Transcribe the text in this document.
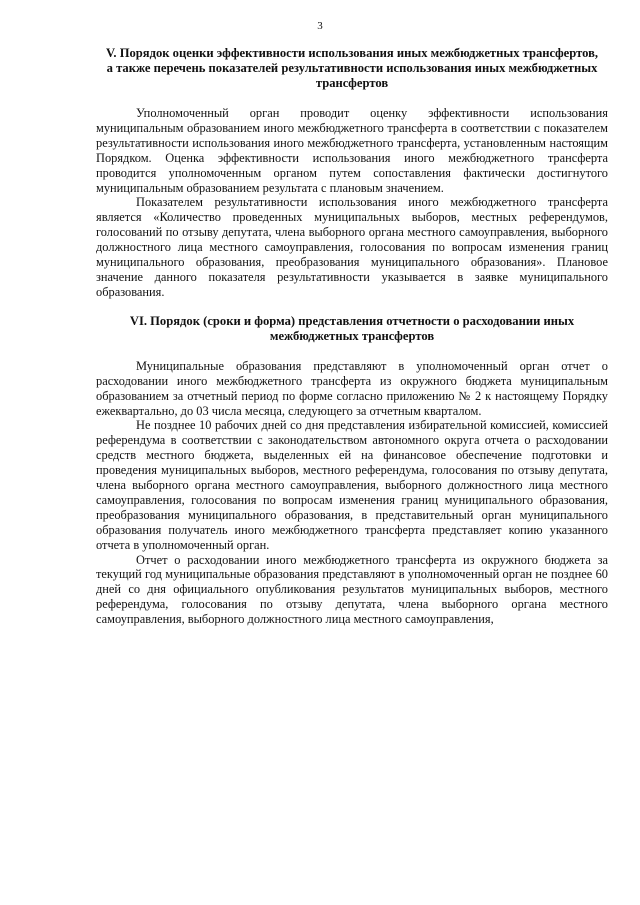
3
V. Порядок оценки эффективности использования иных межбюджетных трансфертов, а также перечень показателей результативности использования иных межбюджетных трансфертов

Уполномоченный орган проводит оценку эффективности использования муниципальным образованием иного межбюджетного трансферта в соответствии с показателем результативности использования иного межбюджетного трансферта, установленным настоящим Порядком. Оценка эффективности использования иного межбюджетного трансферта проводится уполномоченным органом путем сопоставления фактически достигнутого муниципальным образованием результата с плановым значением.

Показателем результативности использования иного межбюджетного трансферта является «Количество проведенных муниципальных выборов, местных референдумов, голосований по отзыву депутата, члена выборного органа местного самоуправления, выборного должностного лица местного самоуправления, голосования по вопросам изменения границ муниципального образования, преобразования муниципального образования». Плановое значение данного показателя результативности указывается в заявке муниципального образования.

VI. Порядок (сроки и форма) представления отчетности о расходовании иных межбюджетных трансфертов

Муниципальные образования представляют в уполномоченный орган отчет о расходовании иного межбюджетного трансферта из окружного бюджета муниципальным образованием за отчетный период по форме согласно приложению № 2 к настоящему Порядку ежеквартально, до 03 числа месяца, следующего за отчетным кварталом.

Не позднее 10 рабочих дней со дня представления избирательной комиссией, комиссией референдума в соответствии с законодательством автономного округа отчета о расходовании средств местного бюджета, выделенных ей на финансовое обеспечение подготовки и проведения муниципальных выборов, местного референдума, голосования по отзыву депутата, члена выборного органа местного самоуправления, выборного должностного лица местного самоуправления, голосования по вопросам изменения границ муниципального образования, преобразования муниципального образования, в представительный орган муниципального образования получатель иного межбюджетного трансферта представляет копию указанного отчета в уполномоченный орган.

Отчет о расходовании иного межбюджетного трансферта из окружного бюджета за текущий год муниципальные образования представляют в уполномоченный орган не позднее 60 дней со дня официального опубликования результатов муниципальных выборов, местного референдума, голосования по отзыву депутата, члена выборного органа местного самоуправления, выборного должностного лица местного самоуправления,
